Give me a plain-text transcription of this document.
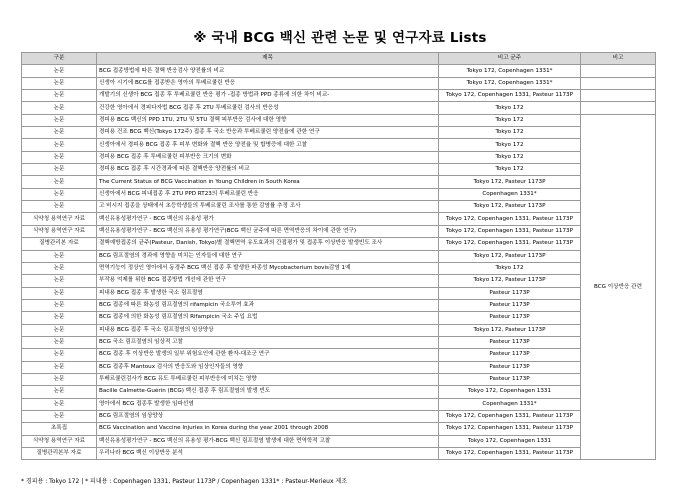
※ 국내 BCG 백신 관련 논문 및 연구자료 Lists
구분	제목	비고 균주	비고
논문	BCG 접종방법에 따른 결핵 반응검사 양전률의 비교	Tokyo 172, Copenhagen 1331*	
논문	신생아 시기에 BCG를 접종받은 영아의 투베르쿨린 반응	Tokyo 172, Copenhagen 1331*	
논문	개발기의 신생아 BCG 접종 후 투베르쿨린 반응 평가 -접종 방법과 PPD 종류에 의한 차이 비교-	Tokyo 172, Copenhagen 1331, Pasteur 1173P	
논문	건강한 영아에서 경피다자법 BCG 접종 후 2TU 투베르쿨린 검사의 반응성	Tokyo 172	
논문	경피용 BCG 백신의 PPD 1TU, 2TU 및 5TU 결핵 피부반응 검사에 대한 영향	Tokyo 172	BCG 이상반응 관련
논문	경피용 건조 BCG 백신(Tokyo 172주) 접종 후 국소 반응과 투베르쿨린 양전율에 관한 연구	Tokyo 172	
논문	신생아에서 경피용 BCG 접종 후 피부 변화와 결핵 반응 양전율 및 합병증에 대한 고찰	Tokyo 172	
논문	경피용 BCG 접종 후 투베르쿨린 피부반응 크기의 변화	Tokyo 172	
논문	경피용 BCG 접종 후 시간경과에 따른 결핵반응 양전률의 비교	Tokyo 172	
논문	The Current Status of BCG Vaccination in Young Children in South Korea	Tokyo 172, Pasteur 1173P	
논문	신생아에서 BCG 피내접종 후 2TU PPD RT23의 투베르쿨린 반응	Copenhagen 1331*	
논문	고 비시지 접종을 상태에서 초등학생들의 투베르쿨린 조사를 통한 감염률 추정 조사	Tokyo 172, Pasteur 1173P	
식약청 용역연구 자료	백신유용성평가연구 - BCG 백신의 유용성 평가	Tokyo 172, Copenhagen 1331, Pasteur 1173P	
식약청 용역연구 자료	백신유용성평가연구 - BCG 백신의 유용성 평가연구(BCG 백신 균주에 따른 면역반응의 차이에 관한 연구)	Tokyo 172, Copenhagen 1331, Pasteur 1173P	
질병관리본 자료	결핵예방접종의 균주(Pasteur, Danish, Tokyo)별 결핵면역 유도효과의 간접평가 및 접종후 이상반응 발생빈도 조사	Tokyo 172, Copenhagen 1331, Pasteur 1173P	
논문	BCG 림프절염의 경과에 영향을 미치는 인자들에 대한 연구	Tokyo 172, Pasteur 1173P	
논문	면역기능이 정상인 영아에서 동경주 BCG 백신 접종 후 발생한 파종성 Mycobacterium bovis감염 1예	Tokyo 172	
논문	부작용 억제를 위한 BCG 접종방법 개선에 관한 연구	Tokyo 172, Pasteur 1173P	
논문	피내용 BCG 접종 후 발생한 국소 림프절염	Pasteur 1173P	
논문	BCG 접종에 따른 화농성 림프절염의 rifampicin 국소투여 효과	Pasteur 1173P	
논문	BCG 접종에 의한 화농성 림프절염의 Rifampicin 국소 주입 요법	Pasteur 1173P	
논문	피내용 BCG 접종 후 국소 림프절염의 임상양상	Tokyo 172, Pasteur 1173P	
논문	BCG 국소 림프절염의 임상적 고찰	Pasteur 1173P	
논문	BCG 접종 후 이상반응 발생의 일부 위험요인에 관한 환자-대조군 연구	Pasteur 1173P	
논문	BCG 접종후 Mantoux 검사의 반응도와 임상인자들의 영향	Pasteur 1173P	
논문	투베르쿨린검사가 BCG 유도 투베르쿨린 피부반응에 미치는 영향	Pasteur 1173P	
논문	Bacille Calmette-Guérin (BCG) 백신 접종 후 림프절염의 발생 빈도	Tokyo 172, Copenhagen 1331	
논문	영아에서 BCG 접종후 발생한 임파선염	Copenhagen 1331*	
논문	BCG 림프절염의 임상양상	Tokyo 172, Copenhagen 1331, Pasteur 1173P	
초록집	BCG Vaccination and Vaccine Injuries in Korea during the year 2001 through 2008	Tokyo 172, Copenhagen 1331, Pasteur 1173P	
식약청 용역연구 자료	백신유용성평가연구 - BCG 백신의 유용성 평가-BCG 백신 림프절염 발생에 대한 면역학적 고찰	Tokyo 172, Copenhagen 1331	
질병관리본부 자료	우리나라 BCG 백신 이상반응 분석	Tokyo 172, Copenhagen 1331, Pasteur 1173P	
* 경피용 : Tokyo 172 | * 피내용 : Copenhagen 1331, Pasteur 1173P / Copenhagen 1331* : Pasteur-Merieux 제조
